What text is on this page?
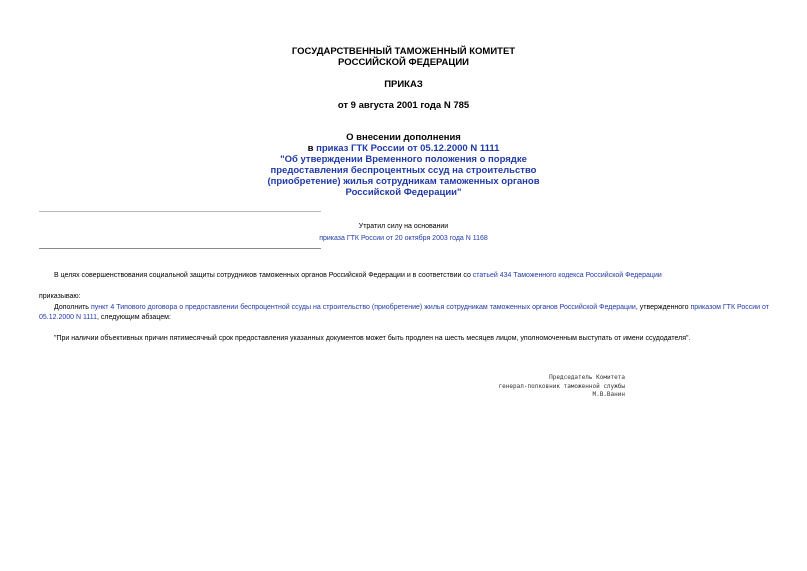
ГОСУДАРСТВЕННЫЙ ТАМОЖЕННЫЙ КОМИТЕТ
РОССИЙСКОЙ ФЕДЕРАЦИИ
ПРИКАЗ
от 9 августа 2001 года N 785
О внесении дополнения
в приказ ГТК России от 05.12.2000 N 1111
"Об утверждении Временного положения о порядке
предоставления беспроцентных ссуд на строительство
(приобретение) жилья сотрудникам таможенных органов
Российской Федерации"
Утратил силу на основании
приказа ГТК России от 20 октября 2003 года N 1168
В целях совершенствования социальной защиты сотрудников таможенных органов Российской Федерации и в соответствии со статьей 434 Таможенного кодекса Российской Федерации
приказываю:
Дополнить пункт 4 Типового договора о предоставлении беспроцентной ссуды на строительство (приобретение) жилья сотрудникам таможенных органов Российской Федерации, утвержденного приказом ГТК России от 05.12.2000 N 1111, следующим абзацем:
"При наличии объективных причин пятимесячный срок предоставления указанных документов может быть продлен на шесть месяцев лицом, уполномоченным выступать от имени ссудодателя".
Председатель Комитета
генерал-полковник таможенной службы
М.В.Ванин
